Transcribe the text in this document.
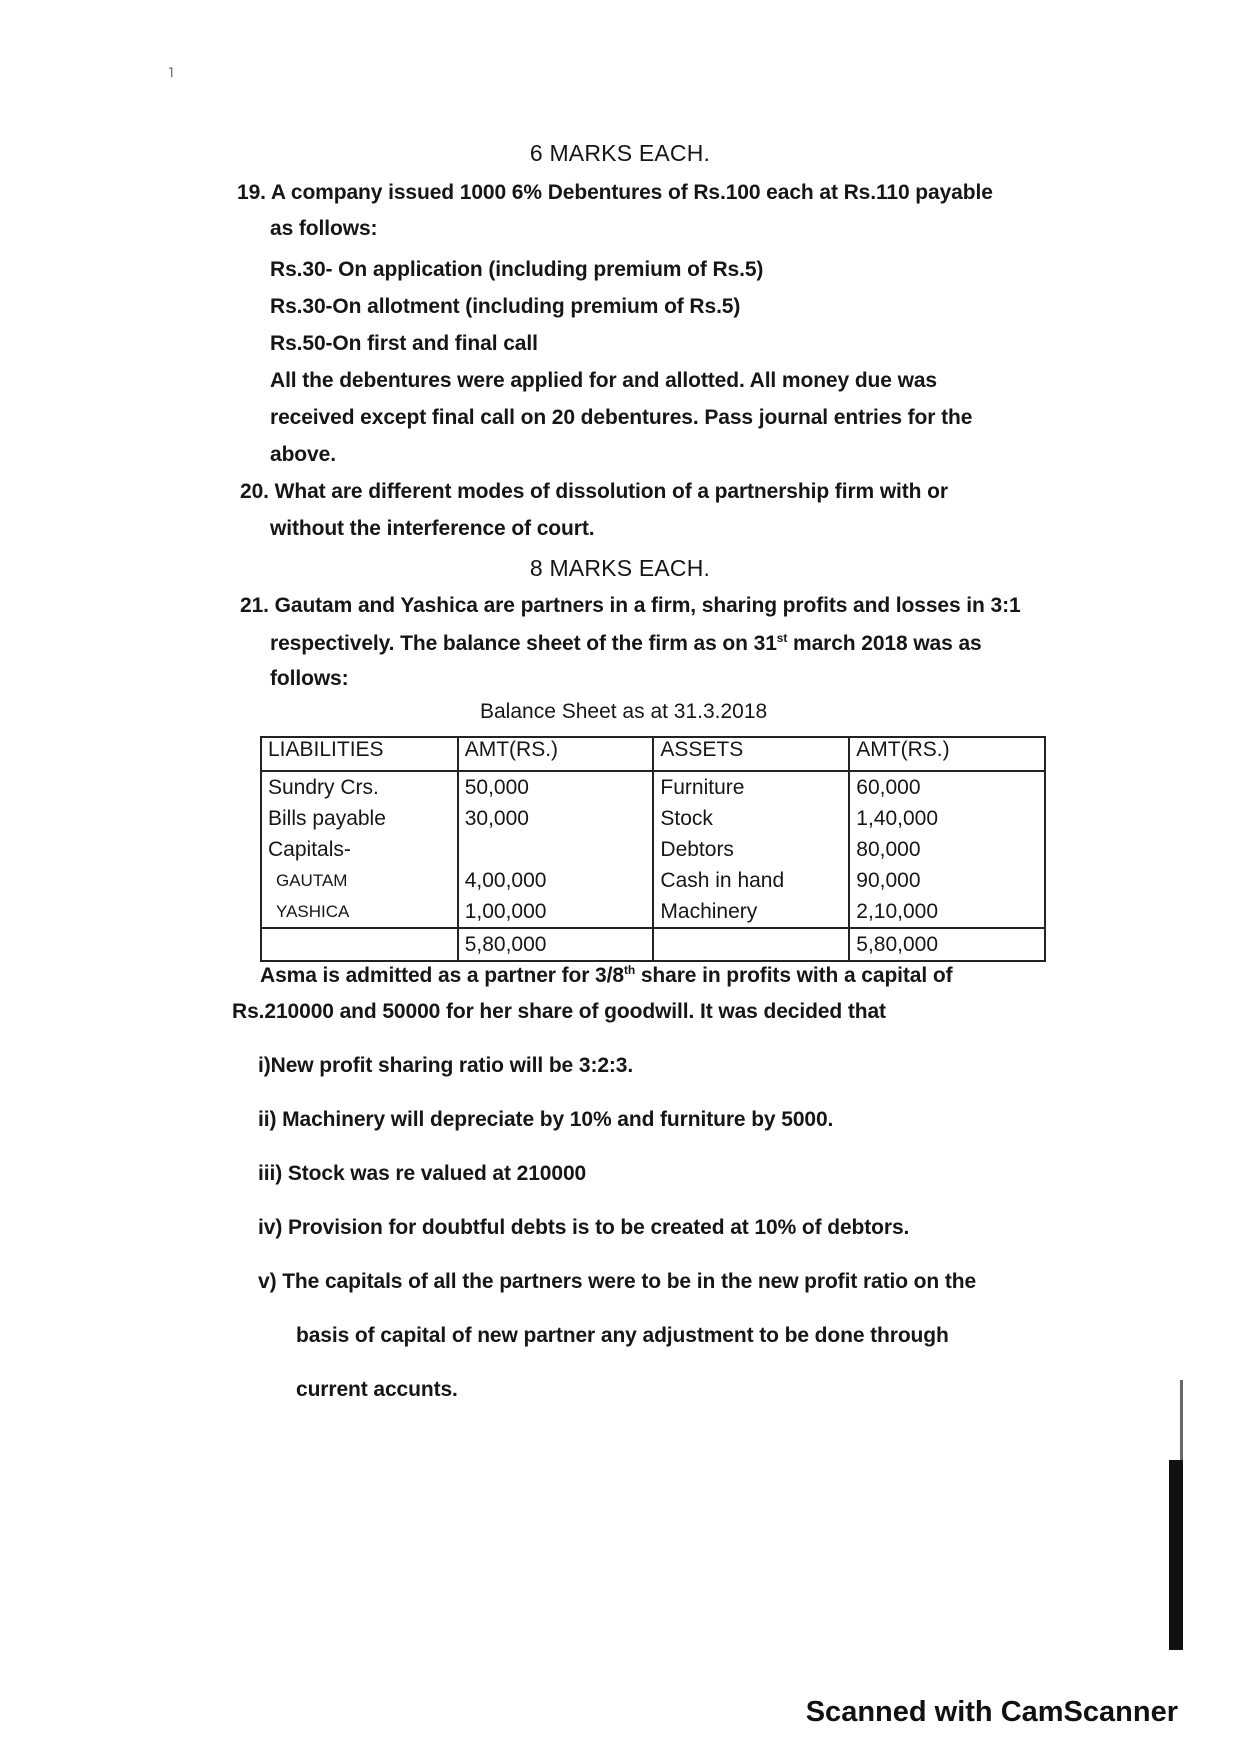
˥
6 MARKS EACH.
19. A company issued 1000 6% Debentures of Rs.100 each at Rs.110 payable
as follows:
Rs.30- On application (including premium of Rs.5)
Rs.30-On allotment (including premium of Rs.5)
Rs.50-On first and final call
All the debentures were applied for and allotted. All money due was
received except final call on 20 debentures. Pass journal entries for the
above.
20. What are different modes of dissolution of a partnership firm with or
without the interference of court.
8 MARKS EACH.
21. Gautam and Yashica are partners in a firm, sharing profits and losses in 3:1
respectively. The balance sheet of the firm as on 31st march 2018 was as
follows:
Balance Sheet as at 31.3.2018
LIABILITIES	AMT(RS.)	ASSETS	AMT(RS.)
Sundry Crs.	50,000	Furniture	60,000
Bills payable	30,000	Stock	1,40,000
Capitals-		Debtors	80,000
GAUTAM	4,00,000	Cash in hand	90,000
YASHICA	1,00,000	Machinery	2,10,000
	5,80,000		5,80,000
Asma is admitted as a partner for 3/8th share in profits with a capital of
Rs.210000 and 50000 for her share of goodwill. It was decided that
i)New profit sharing ratio will be 3:2:3.
ii) Machinery will depreciate by 10% and furniture by 5000.
iii) Stock was re valued at 210000
iv) Provision for doubtful debts is to be created at 10% of debtors.
v) The capitals of all the partners were to be in the new profit ratio on the
basis of capital of new partner any adjustment to be done through
current accunts.
Scanned with CamScanner
